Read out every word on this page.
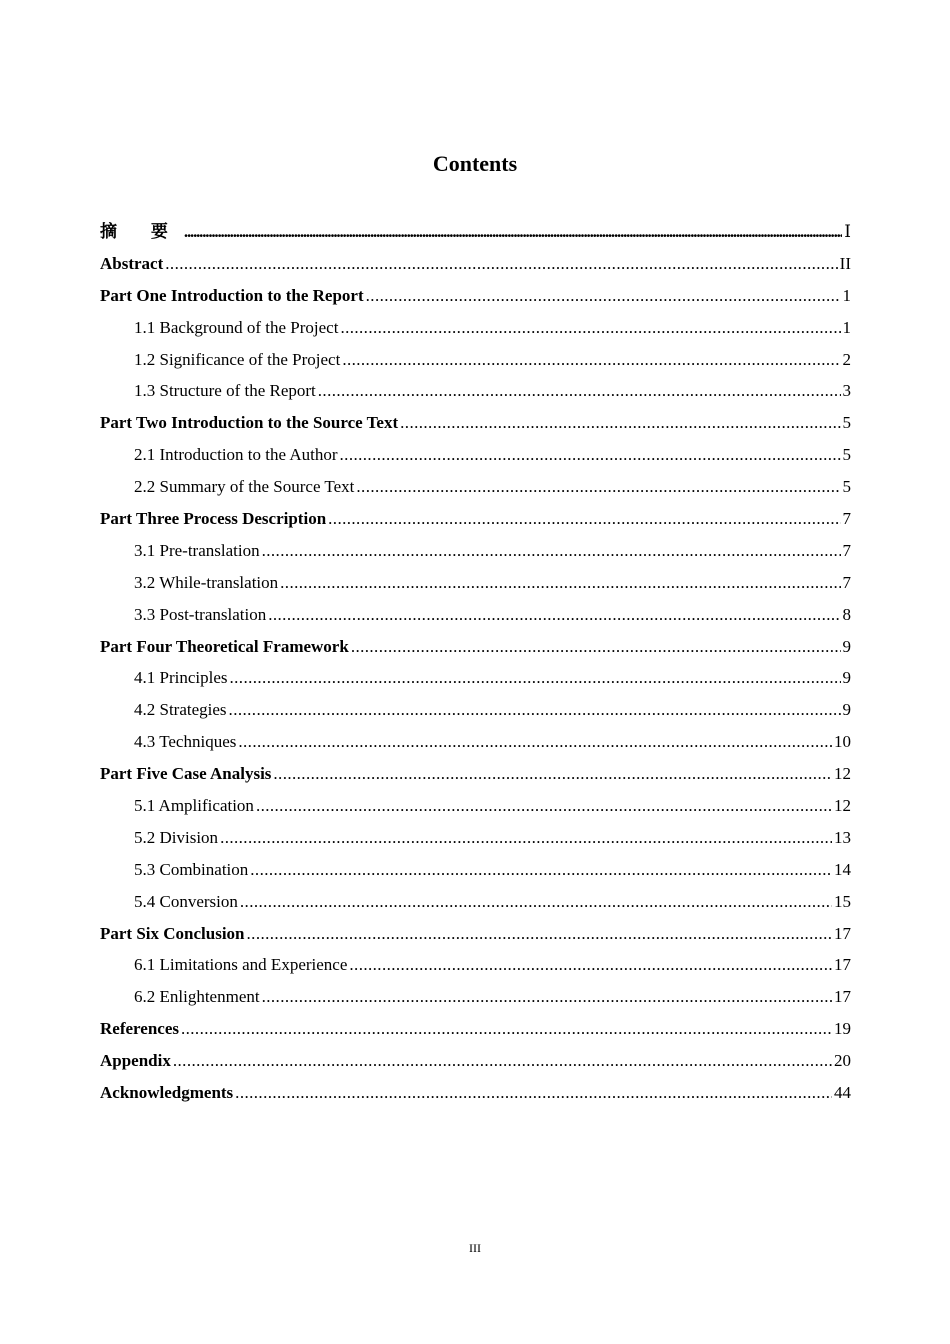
Contents
摘 要 .....	Ⅰ
Abstract .....	II
Part One Introduction to the Report .....	1
1.1 Background of the Project .....	1
1.2 Significance of the Project .....	2
1.3 Structure of the Report .....	3
Part Two Introduction to the Source Text .....	5
2.1 Introduction to the Author .....	5
2.2 Summary of the Source Text .....	5
Part Three Process Description .....	7
3.1 Pre-translation .....	7
3.2 While-translation .....	7
3.3 Post-translation .....	8
Part Four Theoretical Framework .....	9
4.1 Principles .....	9
4.2 Strategies .....	9
4.3 Techniques .....	10
Part Five Case Analysis .....	12
5.1 Amplification .....	12
5.2 Division .....	13
5.3 Combination .....	14
5.4 Conversion .....	15
Part Six Conclusion .....	17
6.1 Limitations and Experience .....	17
6.2 Enlightenment .....	17
References .....	19
Appendix .....	20
Acknowledgments .....	44
III
